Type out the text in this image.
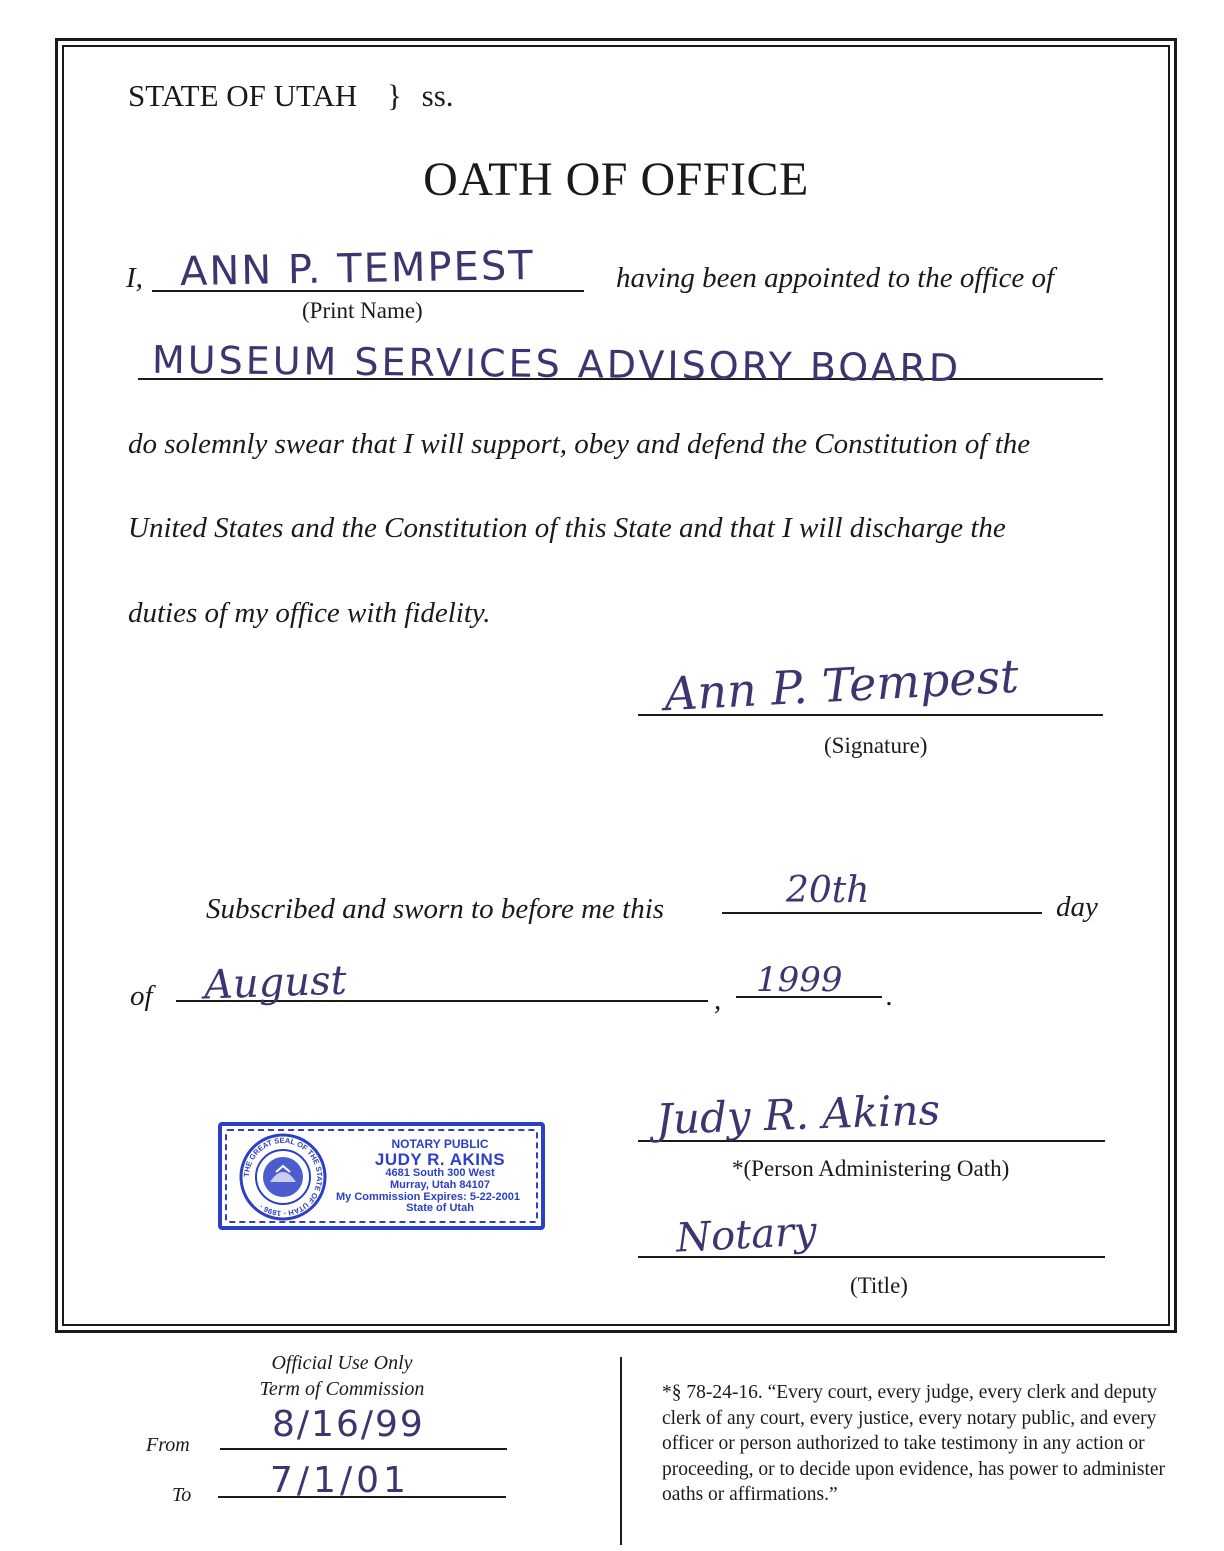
STATE OF UTAH } ss.
OATH OF OFFICE
I, ANN P. TEMPEST	having been appointed to the office of
(Print Name)
MUSEUM SERVICES ADVISORY BOARD
do solemnly swear that I will support, obey and defend the Constitution of the
United States and the Constitution of this State and that I will discharge the
duties of my office with fidelity.
Ann P. Tempest
(Signature)
Subscribed and sworn to before me this	20th	day
of August	, 1999 .
THE GREAT SEAL OF THE STATE OF UTAH · 1896 ·
NOTARY PUBLIC
JUDY R. AKINS
4681 South 300 West
Murray, Utah 84107
My Commission Expires: 5-22-2001
State of Utah
Judy R. Akins
*(Person Administering Oath)
Notary
(Title)
Official Use Only
Term of Commission
From 8/16/99
To 7/1/01
*§ 78-24-16. “Every court, every judge, every clerk and deputy clerk of any court, every justice, every notary public, and every officer or person authorized to take testimony in any action or proceeding, or to decide upon evidence, has power to administer oaths or affirmations.”
